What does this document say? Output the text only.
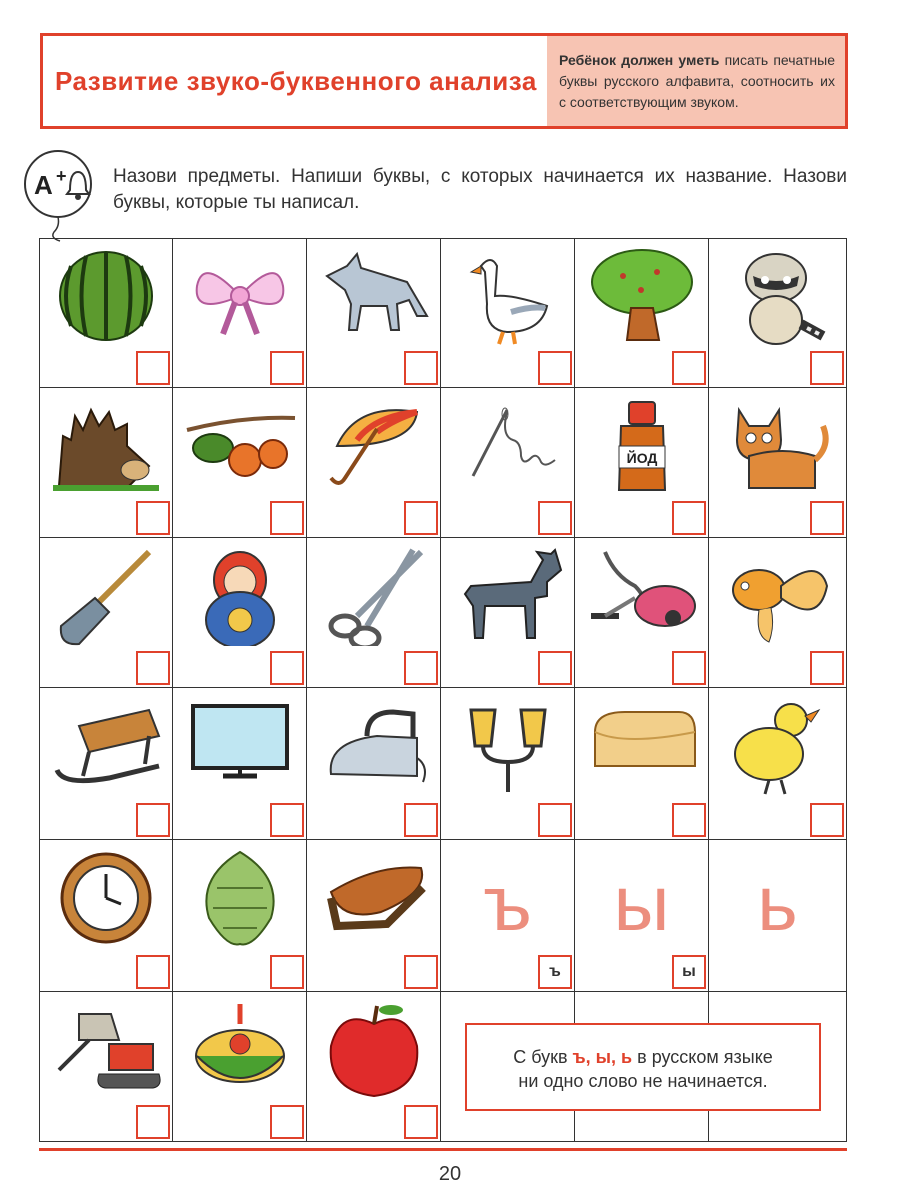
Развитие звуко-буквенного анализа
Ребёнок должен уметь писать печатные буквы русского алфавита, соотносить их с соответствующим звуком.
A + Назови предметы. Напиши буквы, с которых начинается их название. Назови буквы, которые ты написал.
ЙОД
ъ
ъ
ы
ы
ь
С букв ъ, ы, ь в русском языке
ни одно слово не начинается.
20
